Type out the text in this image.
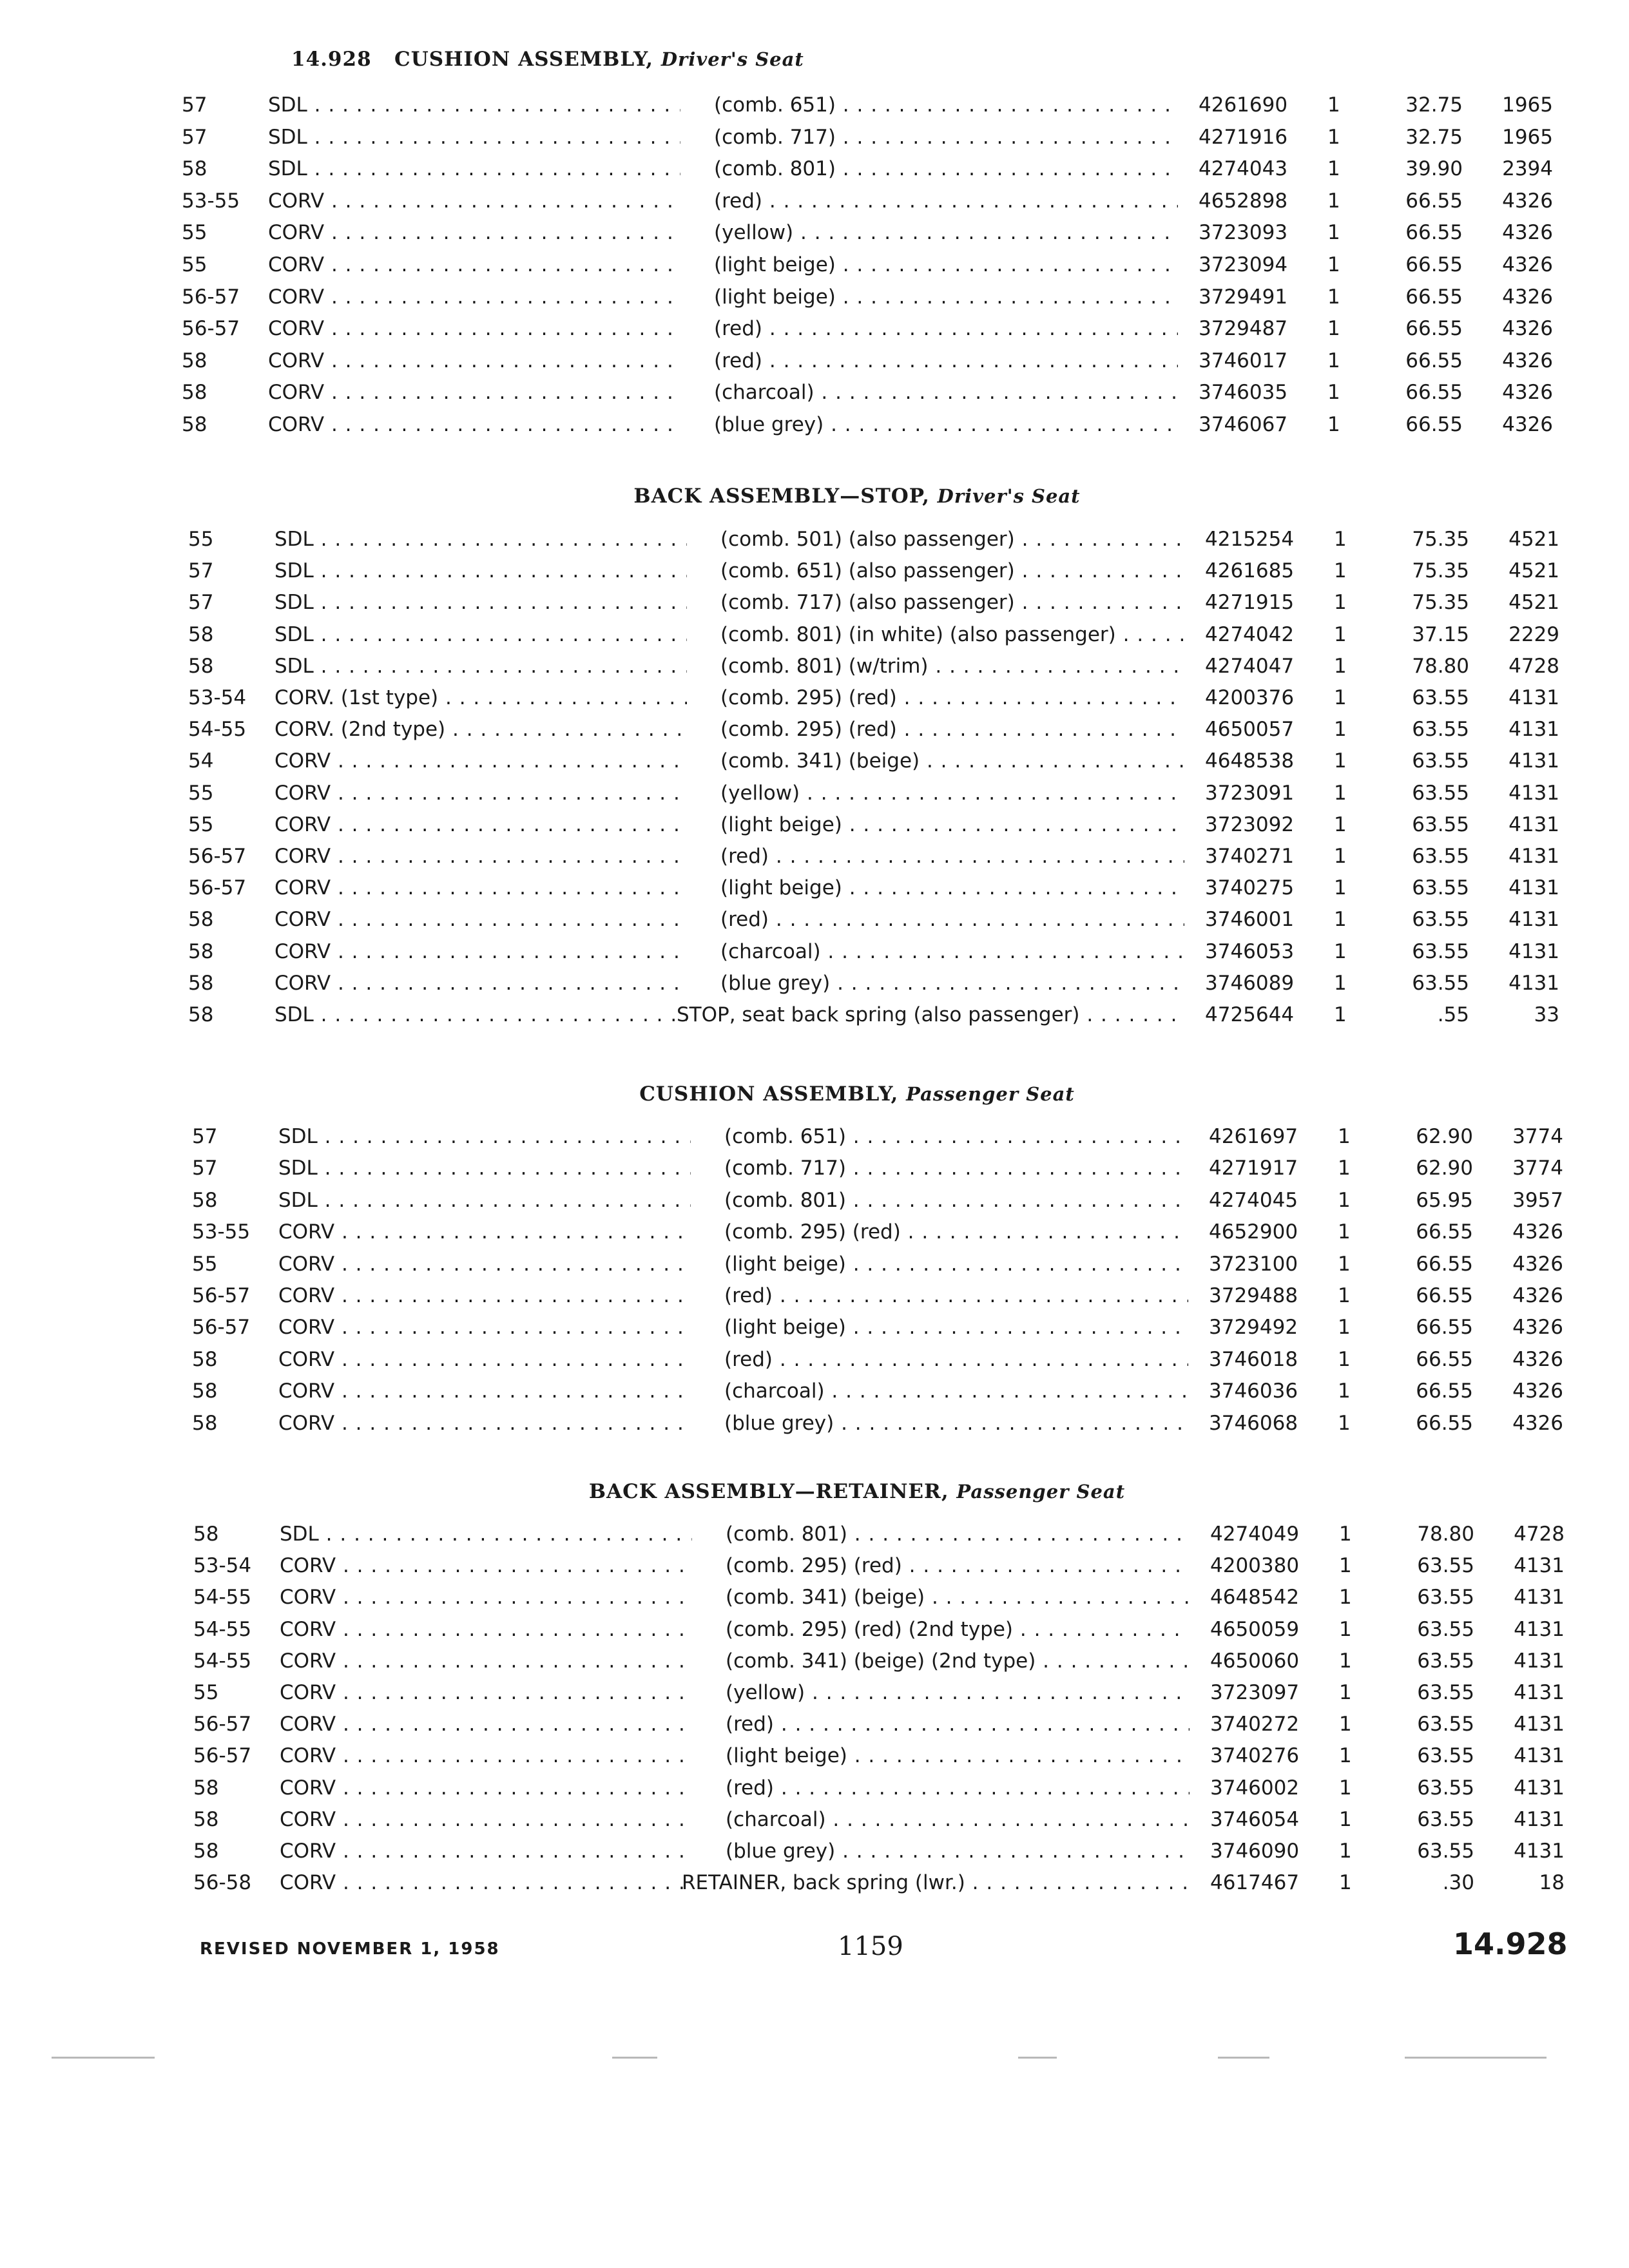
14.928 CUSHION ASSEMBLY, Driver's Seat
57	SDL . . .	(comb. 651) . . .	4261690 1	32.75	1965
57	SDL . . .	(comb. 717) . . .	4271916 1	32.75	1965
58	SDL . . .	(comb. 801) . . .	4274043 1	39.90	2394
53-55 CORV . . .	(red) . . .	4652898 1	66.55	4326
55	CORV . . .	(yellow) . . .	3723093 1	66.55	4326
55	CORV . . .	(light beige) . . .	3723094 1	66.55	4326
56-57 CORV . . .	(light beige) . . .	3729491 1	66.55	4326
56-57 CORV . . .	(red) . . .	3729487 1	66.55	4326
58	CORV . . .	(red) . . .	3746017 1	66.55	4326
58	CORV . . .	(charcoal) . . .	3746035 1	66.55	4326
58	CORV . . .	(blue grey) . . .	3746067 1	66.55	4326
BACK ASSEMBLY—STOP, Driver's Seat
55	SDL . . .	(comb. 501) (also passenger) . . .	4215254 1	75.35	4521
57	SDL . . .	(comb. 651) (also passenger) . . .	4261685 1	75.35	4521
57	SDL . . .	(comb. 717) (also passenger) . . .	4271915 1	75.35	4521
58	SDL . . .	(comb. 801) (in white) (also passenger) . . .	4274042 1	37.15	2229
58	SDL . . .	(comb. 801) (w/trim) . . .	4274047 1	78.80	4728
53-54 CORV. (1st type) . . .	(comb. 295) (red) . . .	4200376 1	63.55	4131
54-55 CORV. (2nd type) . . .	(comb. 295) (red) . . .	4650057 1	63.55	4131
54	CORV . . .	(comb. 341) (beige) . . .	4648538 1	63.55	4131
55	CORV . . .	(yellow) . . .	3723091 1	63.55	4131
55	CORV . . .	(light beige) . . .	3723092 1	63.55	4131
56-57 CORV . . .	(red) . . .	3740271 1	63.55	4131
56-57 CORV . . .	(light beige) . . .	3740275 1	63.55	4131
58	CORV . . .	(red) . . .	3746001 1	63.55	4131
58	CORV . . .	(charcoal) . . .	3746053 1	63.55	4131
58	CORV . . .	(blue grey) . . .	3746089 1	63.55	4131
58	SDL . . .	STOP, seat back spring (also passenger) . . .	4725644 1	.55	33
CUSHION ASSEMBLY, Passenger Seat
57	SDL . . .	(comb. 651) . . .	4261697 1	62.90	3774
57	SDL . . .	(comb. 717) . . .	4271917 1	62.90	3774
58	SDL . . .	(comb. 801) . . .	4274045 1	65.95	3957
53-55 CORV . . .	(comb. 295) (red) . . .	4652900 1	66.55	4326
55	CORV . . .	(light beige) . . .	3723100 1	66.55	4326
56-57 CORV . . .	(red) . . .	3729488 1	66.55	4326
56-57 CORV . . .	(light beige) . . .	3729492 1	66.55	4326
58	CORV . . .	(red) . . .	3746018 1	66.55	4326
58	CORV . . .	(charcoal) . . .	3746036 1	66.55	4326
58	CORV . . .	(blue grey) . . .	3746068 1	66.55	4326
BACK ASSEMBLY—RETAINER, Passenger Seat
58	SDL . . .	(comb. 801) . . .	4274049 1	78.80	4728
53-54 CORV . . .	(comb. 295) (red) . . .	4200380 1	63.55	4131
54-55 CORV . . .	(comb. 341) (beige) . . .	4648542 1	63.55	4131
54-55 CORV . . .	(comb. 295) (red) (2nd type) . . .	4650059 1	63.55	4131
54-55 CORV . . .	(comb. 341) (beige) (2nd type) . . .	4650060 1	63.55	4131
55	CORV . . .	(yellow) . . .	3723097 1	63.55	4131
56-57 CORV . . .	(red) . . .	3740272 1	63.55	4131
56-57 CORV . . .	(light beige) . . .	3740276 1	63.55	4131
58	CORV . . .	(red) . . .	3746002 1	63.55	4131
58	CORV . . .	(charcoal) . . .	3746054 1	63.55	4131
58	CORV . . .	(blue grey) . . .	3746090 1	63.55	4131
56-58 CORV . . .	RETAINER, back spring (lwr.) . . .	4617467 1	.30	18
REVISED NOVEMBER 1, 1958	1159	14.928
